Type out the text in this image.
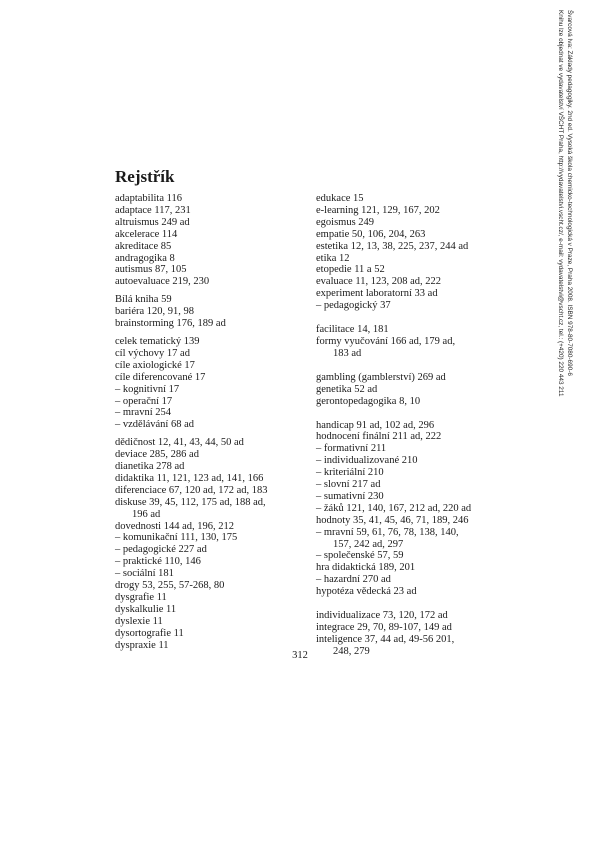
Švarcová Iva: Základy pedagogiky. 2nd ed. Vysoká škola chemicko-technologická v Praze, Praha 2008. ISBN 978-80-7080-690-6
Knihu lze objednat ve vydavatelství VŠCHT Praha, http://vydavatelstvi.vscht.cz/, e-mail: vydavatelstvi@vscht.cz, tel.: (+420) 220 443 211
Rejstřík
adaptabilita 116
adaptace 117, 231
altruismus 249 ad
akcelerace 114
akreditace 85
andragogika 8
autismus 87, 105
autoevaluace 219, 230
Bílá kniha 59
bariéra 120, 91, 98
brainstorming 176, 189 ad
celek tematický 139
cíl výchovy 17 ad
cíle axiologické 17
cíle diferencované 17
– kognitivní 17
– operační 17
– mravní 254
– vzdělávání 68 ad
dědičnost 12, 41, 43, 44, 50 ad
deviace 285, 286 ad
dianetika 278 ad
didaktika 11, 121, 123 ad, 141, 166
diferenciace 67, 120 ad, 172 ad, 183
diskuse 39, 45, 112, 175 ad, 188 ad,
196 ad
dovednosti 144 ad, 196, 212
– komunikační 111, 130, 175
– pedagogické 227 ad
– praktické 110, 146
– sociální 181
drogy 53, 255, 57-268, 80
dysgrafie 11
dyskalkulie 11
dyslexie 11
dysortografie 11
dyspraxie 11
edukace 15
e-learning 121, 129, 167, 202
egoismus 249
empatie 50, 106, 204, 263
estetika 12, 13, 38, 225, 237, 244 ad
etika 12
etopedie 11 a 52
evaluace 11, 123, 208 ad, 222
experiment laboratorní 33 ad
– pedagogický 37
facilitace 14, 181
formy vyučování 166 ad, 179 ad,
183 ad
gambling (gamblerství) 269 ad
genetika 52 ad
gerontopedagogika 8, 10
handicap 91 ad, 102 ad, 296
hodnocení finální 211 ad, 222
– formativní 211
– individualizované 210
– kriteriální 210
– slovní 217 ad
– sumativní 230
– žáků 121, 140, 167, 212 ad, 220 ad
hodnoty 35, 41, 45, 46, 71, 189, 246
– mravní 59, 61, 76, 78, 138, 140,
157, 242 ad, 297
– společenské 57, 59
hra didaktická 189, 201
– hazardní 270 ad
hypotéza vědecká 23 ad
individualizace 73, 120, 172 ad
integrace 29, 70, 89-107, 149 ad
inteligence 37, 44 ad, 49-56 201,
248, 279
312
